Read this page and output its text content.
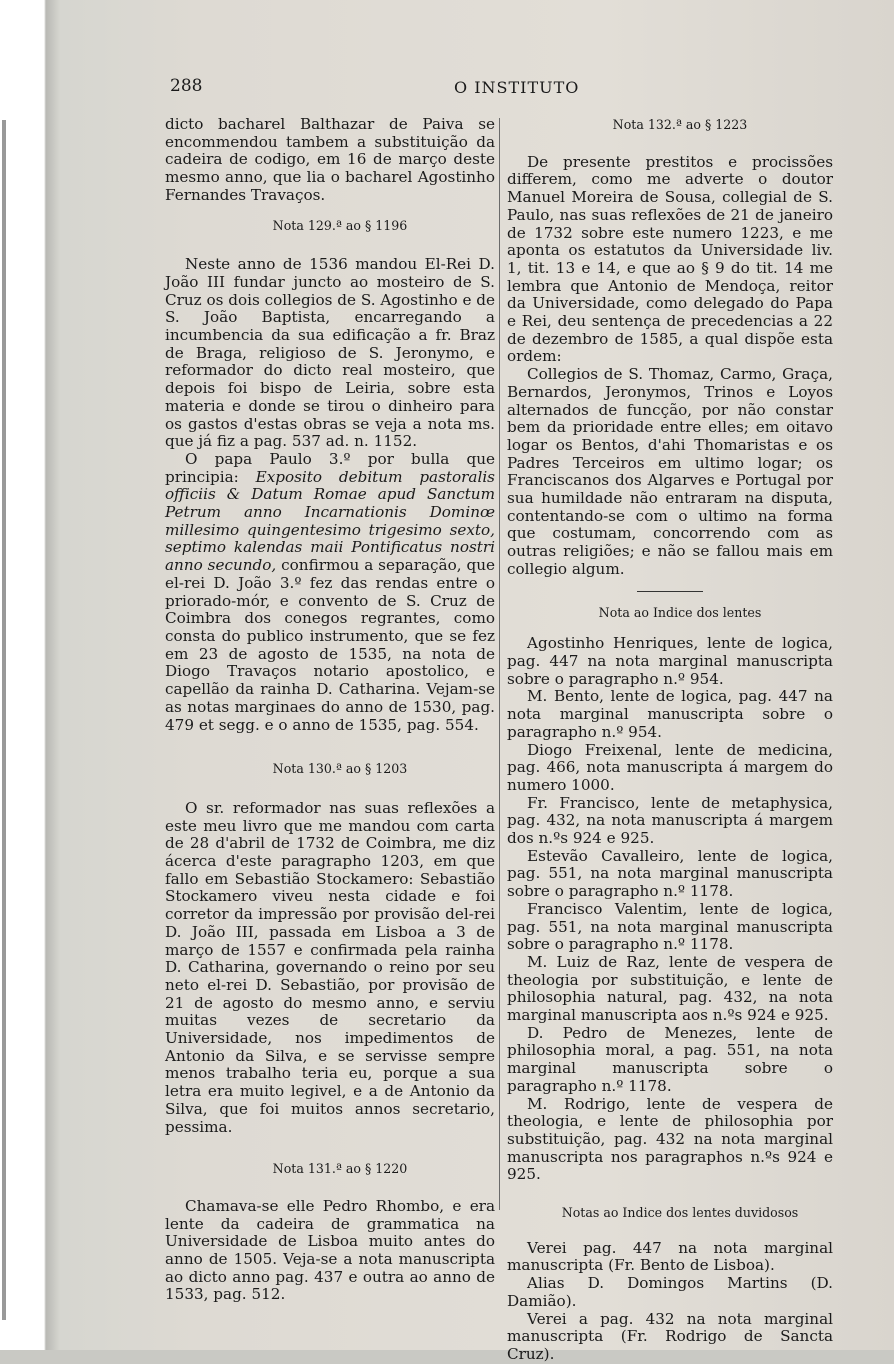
288	O INSTITUTO

dicto bacharel Balthazar de Paiva se encommendou tambem a substituição da cadeira de codigo, em 16 de março deste mesmo anno, que lia o bacharel Agostinho Fernandes Travaços.

Nota 129.ª ao § 1196

Neste anno de 1536 mandou El-Rei D. João III fundar juncto ao mosteiro de S. Cruz os dois collegios de S. Agostinho e de S. João Baptista, encarregando a incumbencia da sua edificação a fr. Braz de Braga, religioso de S. Jeronymo, e reformador do dicto real mosteiro, que depois foi bispo de Leiria, sobre esta materia e donde se tirou o dinheiro para os gastos d'estas obras se veja a nota ms. que já fiz a pag. 537 ad. n. 1152.

O papa Paulo 3.º por bulla que principia: Exposito debitum pastoralis officiis & Datum Romae apud Sanctum Petrum anno Incarnationis Dominœ millesimo quingentesimo trigesimo sexto, septimo kalendas maii Pontificatus nostri anno secundo, confirmou a separação, que el-rei D. João 3.º fez das rendas entre o priorado-mór, e convento de S. Cruz de Coimbra dos conegos regrantes, como consta do publico instrumento, que se fez em 23 de agosto de 1535, na nota de Diogo Travaços notario apostolico, e capellão da rainha D. Catharina. Vejam-se as notas marginaes do anno de 1530, pag. 479 et segg. e o anno de 1535, pag. 554.

Nota 130.ª ao § 1203

O sr. reformador nas suas reflexões a este meu livro que me mandou com carta de 28 d'abril de 1732 de Coimbra, me diz ácerca d'este paragrapho 1203, em que fallo em Sebastião Stockamero: Sebastião Stockamero viveu nesta cidade e foi corretor da impressão por provisão del-rei D. João III, passada em Lisboa a 3 de março de 1557 e confirmada pela rainha D. Catharina, governando o reino por seu neto el-rei D. Sebastião, por provisão de 21 de agosto do mesmo anno, e serviu muitas vezes de secretario da Universidade, nos impedimentos de Antonio da Silva, e se servisse sempre menos trabalho teria eu, porque a sua letra era muito legivel, e a de Antonio da Silva, que foi muitos annos secretario, pessima.

Nota 131.ª ao § 1220

Chamava-se elle Pedro Rhombo, e era lente da cadeira de grammatica na Universidade de Lisboa muito antes do anno de 1505. Veja-se a nota manuscripta ao dicto anno pag. 437 e outra ao anno de 1533, pag. 512.

Nota 132.ª ao § 1223

De presente prestitos e procissões differem, como me adverte o doutor Manuel Moreira de Sousa, collegial de S. Paulo, nas suas reflexões de 21 de janeiro de 1732 sobre este numero 1223, e me aponta os estatutos da Universidade liv. 1, tit. 13 e 14, e que ao § 9 do tit. 14 me lembra que Antonio de Mendoça, reitor da Universidade, como delegado do Papa e Rei, deu sentença de precedencias a 22 de dezembro de 1585, a qual dispõe esta ordem:

Collegios de S. Thomaz, Carmo, Graça, Bernardos, Jeronymos, Trinos e Loyos alternados de funcção, por não constar bem da prioridade entre elles; em oitavo logar os Bentos, d'ahi Thomaristas e os Padres Terceiros em ultimo logar; os Franciscanos dos Algarves e Portugal por sua humildade não entraram na disputa, contentando-se com o ultimo na forma que costumam, concorrendo com as outras religiões; e não se fallou mais em collegio algum.

Nota ao Indice dos lentes

Agostinho Henriques, lente de logica, pag. 447 na nota marginal manuscripta sobre o paragrapho n.º 954.

M. Bento, lente de logica, pag. 447 na nota marginal manuscripta sobre o paragrapho n.º 954.

Diogo Freixenal, lente de medicina, pag. 466, nota manuscripta á margem do numero 1000.

Fr. Francisco, lente de metaphysica, pag. 432, na nota manuscripta á margem dos n.ºs 924 e 925.

Estevão Cavalleiro, lente de logica, pag. 551, na nota marginal manuscripta sobre o paragrapho n.º 1178.

Francisco Valentim, lente de logica, pag. 551, na nota marginal manuscripta sobre o paragrapho n.º 1178.

M. Luiz de Raz, lente de vespera de theologia por substituição, e lente de philosophia natural, pag. 432, na nota marginal manuscripta aos n.ºs 924 e 925.

D. Pedro de Menezes, lente de philosophia moral, a pag. 551, na nota marginal manuscripta sobre o paragrapho n.º 1178.

M. Rodrigo, lente de vespera de theologia, e lente de philosophia por substituição, pag. 432 na nota marginal manuscripta nos paragraphos n.ºs 924 e 925.

Notas ao Indice dos lentes duvidosos

Verei pag. 447 na nota marginal manuscripta (Fr. Bento de Lisboa).

Alias D. Domingos Martins (D. Damião).

Verei a pag. 432 na nota marginal manuscripta (Fr. Rodrigo de Sancta Cruz).
